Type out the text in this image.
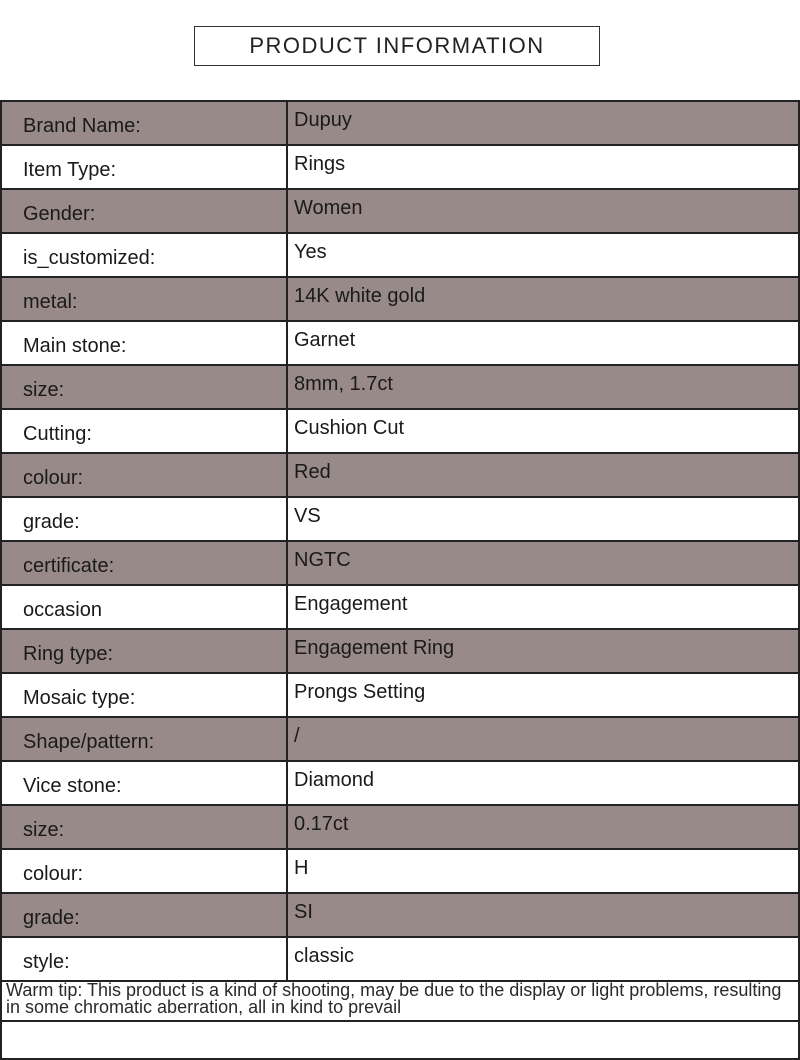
PRODUCT INFORMATION
Brand Name:	Dupuy
Item Type:	Rings
Gender:	Women
is_customized:	Yes
metal:	14K white gold
Main stone:	Garnet
size:	8mm, 1.7ct
Cutting:	Cushion Cut
colour:	Red
grade:	VS
certificate:	NGTC
occasion	Engagement
Ring type:	Engagement Ring
Mosaic type:	Prongs Setting
Shape/pattern:	/
Vice stone:	Diamond
size:	0.17ct
colour:	H
grade:	SI
style:	classic
Warm tip: This product is a kind of shooting, may be due to the display or light problems, resulting in some chromatic aberration, all in kind to prevail	
